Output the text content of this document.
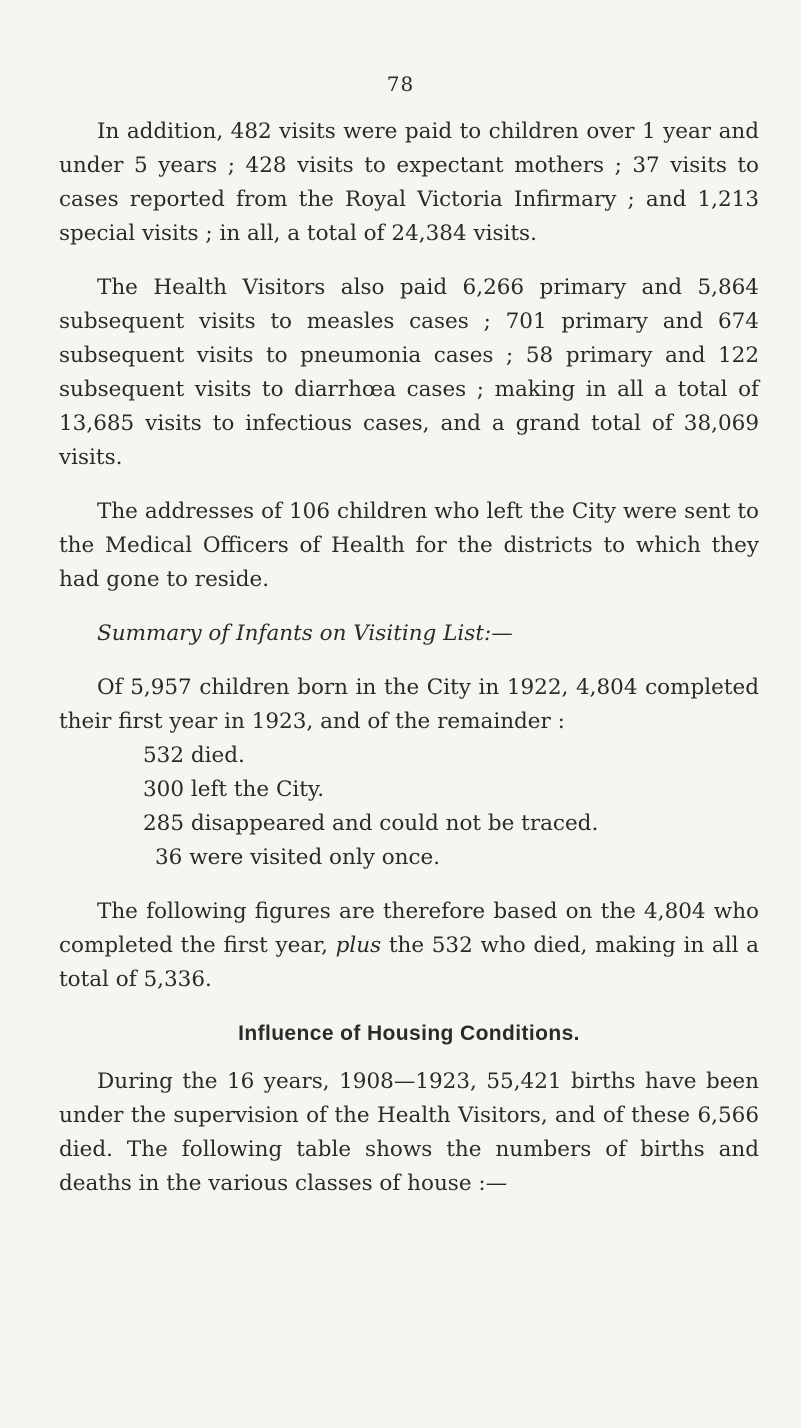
78

In addition, 482 visits were paid to children over 1 year and under 5 years ; 428 visits to expectant mothers ; 37 visits to cases reported from the Royal Victoria Infirmary ; and 1,213 special visits ; in all, a total of 24,384 visits.

The Health Visitors also paid 6,266 primary and 5,864 subsequent visits to measles cases ; 701 primary and 674 subsequent visits to pneumonia cases ; 58 primary and 122 subsequent visits to diarrhœa cases ; making in all a total of 13,685 visits to infectious cases, and a grand total of 38,069 visits.

The addresses of 106 children who left the City were sent to the Medical Officers of Health for the districts to which they had gone to reside.

Summary of Infants on Visiting List:—

Of 5,957 children born in the City in 1922, 4,804 completed their first year in 1923, and of the remainder :

532 died.
300 left the City.
285 disappeared and could not be traced.
36 were visited only once.

The following figures are therefore based on the 4,804 who completed the first year, plus the 532 who died, making in all a total of 5,336.

Influence of Housing Conditions.

During the 16 years, 1908—1923, 55,421 births have been under the supervision of the Health Visitors, and of these 6,566 died. The following table shows the numbers of births and deaths in the various classes of house :—
